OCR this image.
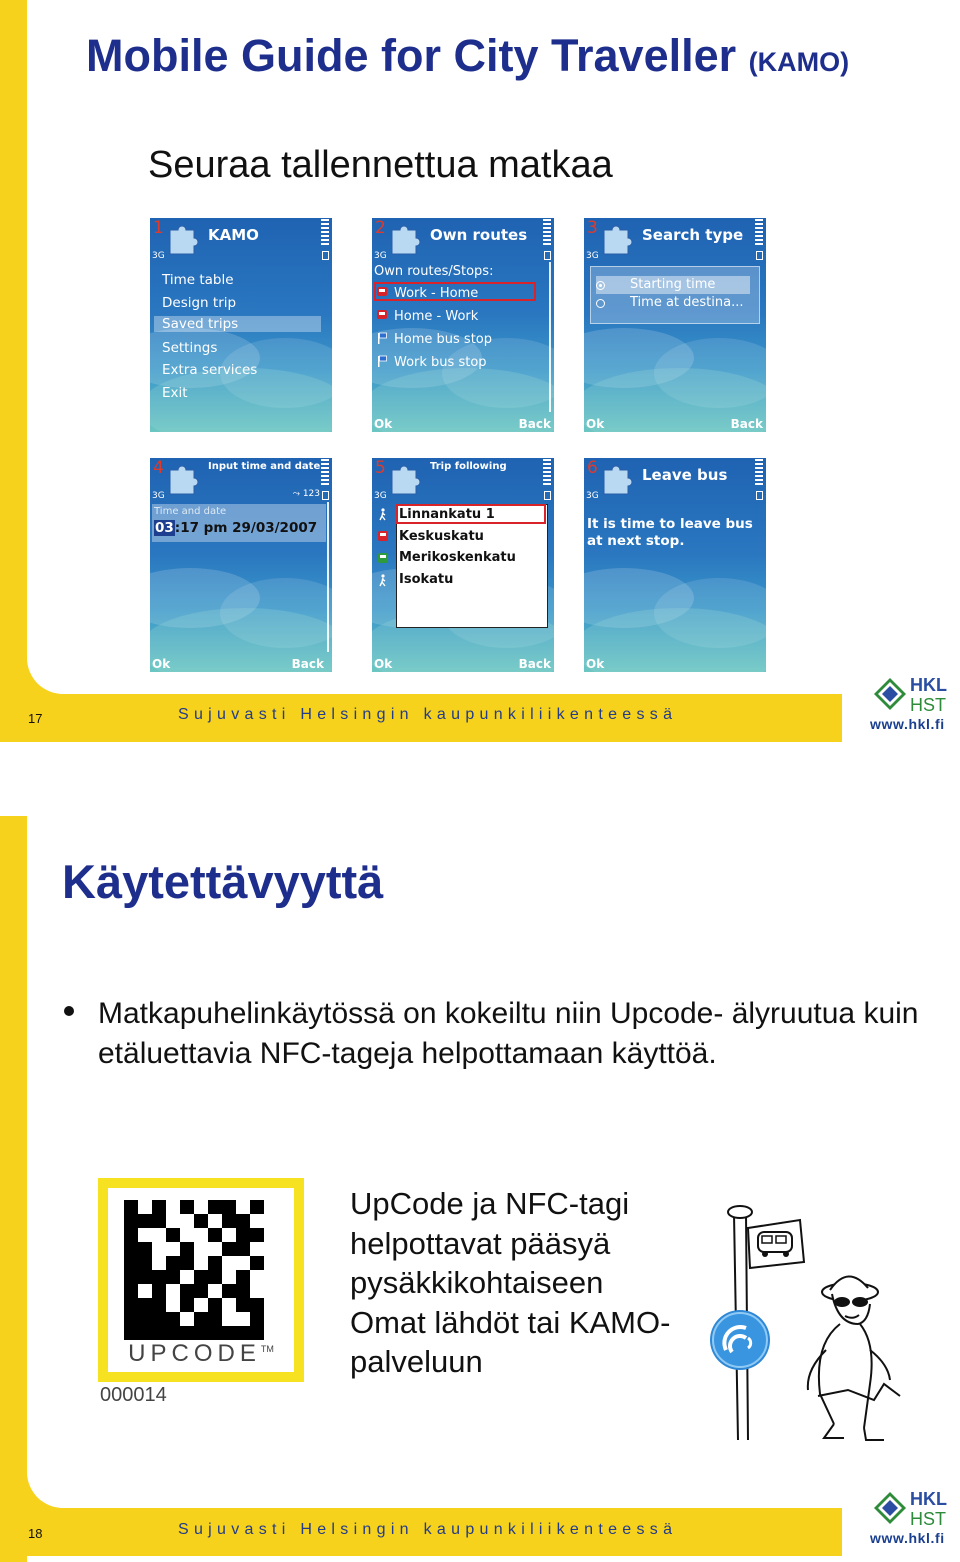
17	Sujuvasti Helsingin kaupunkiliikenteessä
HKL
HST
www.hkl.fi
Mobile Guide for City Traveller (KAMO)
Seuraa tallennettua matkaa
1	KAMO
3G
Time table
Design trip
Saved trips
Settings
Extra services
Exit
2	Own routes
3G
Own routes/Stops:
Work - Home
Home - Work
Home bus stop
Work bus stop
Ok	Back
3	Search type
3G
Starting time
Time at destina...
Ok	Back
4	Input time and date
3G	⤳ 123
Time and date
03:17 pm 29/03/2007
Ok	Back
5	Trip following
3G
Linnankatu 1
Keskuskatu
Merikoskenkatu
Isokatu
Ok	Back
6	Leave bus
3G
It is time to leave bus at next stop.
Ok
18	Sujuvasti Helsingin kaupunkiliikenteessä
HKL
HST
www.hkl.fi
Käytettävyyttä
Matkapuhelinkäytössä on kokeiltu niin Upcode- älyruutua kuin etäluettavia NFC-tageja helpottamaan käyttöä.
UPCODE™
000014
UpCode ja NFC-tagi
helpottavat pääsyä
pysäkkikohtaiseen
Omat lähdöt tai KAMO-
palveluun
